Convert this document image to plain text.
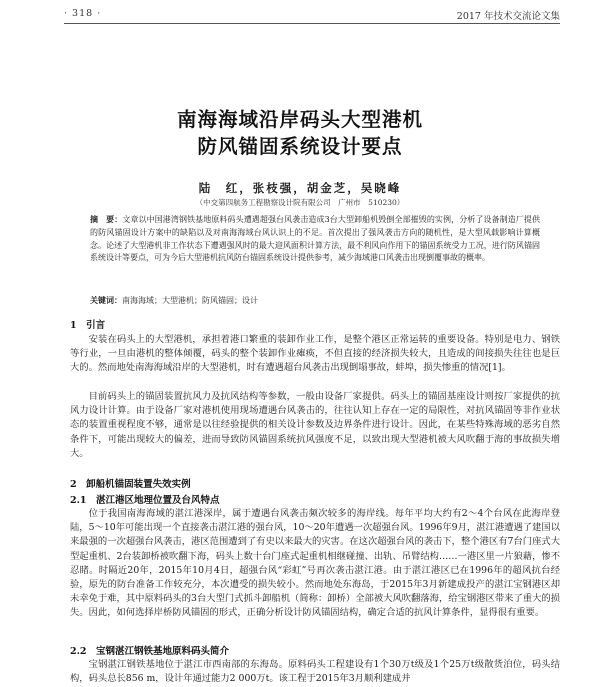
· 318 ·	2017 年技术交流论文集
南海海域沿岸码头大型港机
防风锚固系统设计要点
陆　红，张枝强，胡金芝，吴晓峰
（中交第四航务工程勘察设计院有限公司　广州市　510230）
摘　要：文章以中国港湾钢铁基地原料码头遭遇超强台风袭击造成3台大型卸船机毁倒全部摧毁的实例，分析了设备制造厂提供的防风锚固设计方案中的缺陷以及对南海海域台风认识上的不足。首次提出了强风袭击方向的随机性，是大型风载影响计算概念。论述了大型港机非工作状态下遭遇强风时的最大迎风面积计算方法，最不利风向作用下的锚固系统受力工况，进行防风锚固系统设计等要点，可为今后大型港机抗风防台锚固系统设计提供参考，减少海域港口风袭击出现倒覆事故的概率。
关键词：南海海域；大型港机；防风锚固；设计
1　引言
安装在码头上的大型港机，承担着港口繁重的装卸作业工作，是整个港区正常运转的重要设备。特别是电力、钢铁等行业，一旦由港机的整体倾覆，码头的整个装卸作业瘫痪，不但直接的经济损失较大，且造成的间接损失往往也是巨大的。然而地处南海海域沿岸的大型港机，时有遭遇超台风袭击出现倒塌事故，蚌埠，损失惨重的情况[1]。
目前码头上的锚固装置抗风力及抗风结构等参数，一般由设备厂家提供。码头上的锚固基座设计则按厂家提供的抗风力设计计算。由于设备厂家对港机使用现场遭遇台风袭击的，往往认知上存在一定的局限性，对抗风锚固等非作业状态的装置重视程度不够，通常是以往经验提供的相关设计参数及边界条件进行设计。因此，在某些特殊海域的恶劣自然条件下，可能出现较大的偏差，进而导致防风锚固系统抗风强度不足，以致出现大型港机被大风吹翻于海的事故损失增大。
2　卸船机锚固装置失效实例
2.1　湛江港区地理位置及台风特点
位于我国南海海域的湛江港深岸，属于遭遇台风袭击频次较多的海岸线。每年平均大约有2～4个台风在此海岸登陆，5～10年可能出现一个直接袭击湛江港的强台风，10～20年遭遇一次超强台风。1996年9月，湛江港遭遇了建国以来最强的一次超强台风袭击，港区范围遭到了有史以来最大的灾害。在这次超强台风的袭击下，整个港区有7台门座式大型起重机、2台装卸桥被吹翻下海，码头上数十台门座式起重机相继碰撞、出轨、吊臂结构……一港区里一片狼藉，惨不忍睹。时隔近20年，2015年10月4日，超强台风“彩虹”号再次袭击湛江港。由于湛江港区已在1996年的超风抗台经验，原先的防台准备工作较充分，本次遭受的损失较小。然而地处东海岛，于2015年3月新建成投产的湛江宝钢港区却未幸免于难，其中原料码头的3台大型门式抓斗卸船机（简称：卸桥）全部被大风吹翻落海，给宝钢港区带来了重大的损失。因此，如何选择岸桥防风锚固的形式，正确分析设计防风锚固结构，确定合适的抗风计算条件，显得很有重要。
2.2　宝钢湛江钢铁基地原料码头简介
宝钢湛江钢铁基地位于湛江市西南部的东海岛。原料码头工程建设有1个30万t级及1个25万t级散货泊位，码头结构，码头总长856 m，设计年通过能力2 000万t。该工程于2015年3月顺利建成并
